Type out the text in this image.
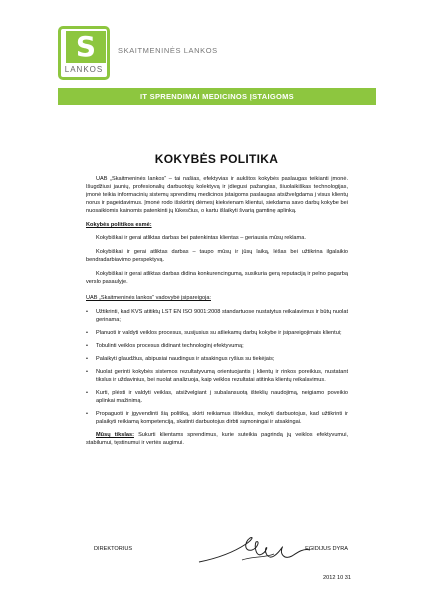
S
LANKOS
SKAITMENINĖS LANKOS
IT SPRENDIMAI MEDICINOS ĮSTAIGOMS
KOKYBĖS POLITIKA

UAB „Skaitmeninės lankos“ – tai našias, efektyvias ir aukštos kokybės paslaugas teikianti įmonė. Išugdžiusi jaunių, profesionalių darbuotojų kolektyvą ir įdiegusi pažangias, šiuolaikiškas technologijas, įmonė teikia informacinių sistemų sprendimų medicinos įstaigoms paslaugas atsižvelgdama į visus klientų norus ir pageidavimus. Įmonė rodo išskirtinį dėmesį kiekvienam klientui, siekdama savo darbų kokybe bei nuosaikiomis kainomis patenkinti jų lūkesčius, o kartu išlaikyti švarią gamtinę aplinką.

Kokybės politikos esmė:

Kokybiškai ir gerai atliktas darbas bei patenkintas klientas – geriausia mūsų reklama.

Kokybiškai ir gerai atliktas darbas – taupo mūsų ir jūsų laiką, lėšas bei užtikrina ilgalaikio bendradarbiavimo perspektyvą.

Kokybiškai ir gerai atliktas darbas didina konkurencingumą, susikuria gerą reputaciją ir pelno pagarbą verslo pasaulyje.

UAB „Skaitmeninės lankos“ vadovybė įsipareigoja:
• Užtikrinti, kad KVS atitiktų LST EN ISO 9001:2008 standartuose nustatytus reikalavimus ir būtų nuolat gerinama;
• Planuoti ir valdyti veiklos procesus, susijusius su atliekamų darbų kokybe ir įsipareigojimais klientui;
• Tobulinti veiklos procesus didinant technologinį efektyvumą;
• Palaikyti glaudžius, abipusiai naudingus ir atsakingus ryšius su tiekėjais;
• Nuolat gerinti kokybės sistemos rezultatyvumą orientuojantis į klientų ir rinkos poreikius, nustatant tikslus ir uždavinius, bei nuolat analizuoja, kaip veiklos rezultatai atitinka klientų reikalavimus.
• Kurti, plėsti ir valdyti veiklas, atsižvelgiant į subalansuotą išteklių naudojimą, neigiamo poveikio aplinkai mažinimą.
• Propaguoti ir įgyvendinti šią politiką, skirti reikiamus išteklius, mokyti darbuotojus, kad užtikrinti ir palaikyti reikiamą kompetenciją, skatinti darbuotojus dirbti sąmoningai ir atsakingai.

Mūsų tikslas: Sukurti klientams sprendimus, kurie suteikia pagrindą jų veiklos efektyvumui, stabilumui, tęstinumui ir vertės augimui.

DIREKTORIUS	EGIDIJUS DYRA
2012 10 31
